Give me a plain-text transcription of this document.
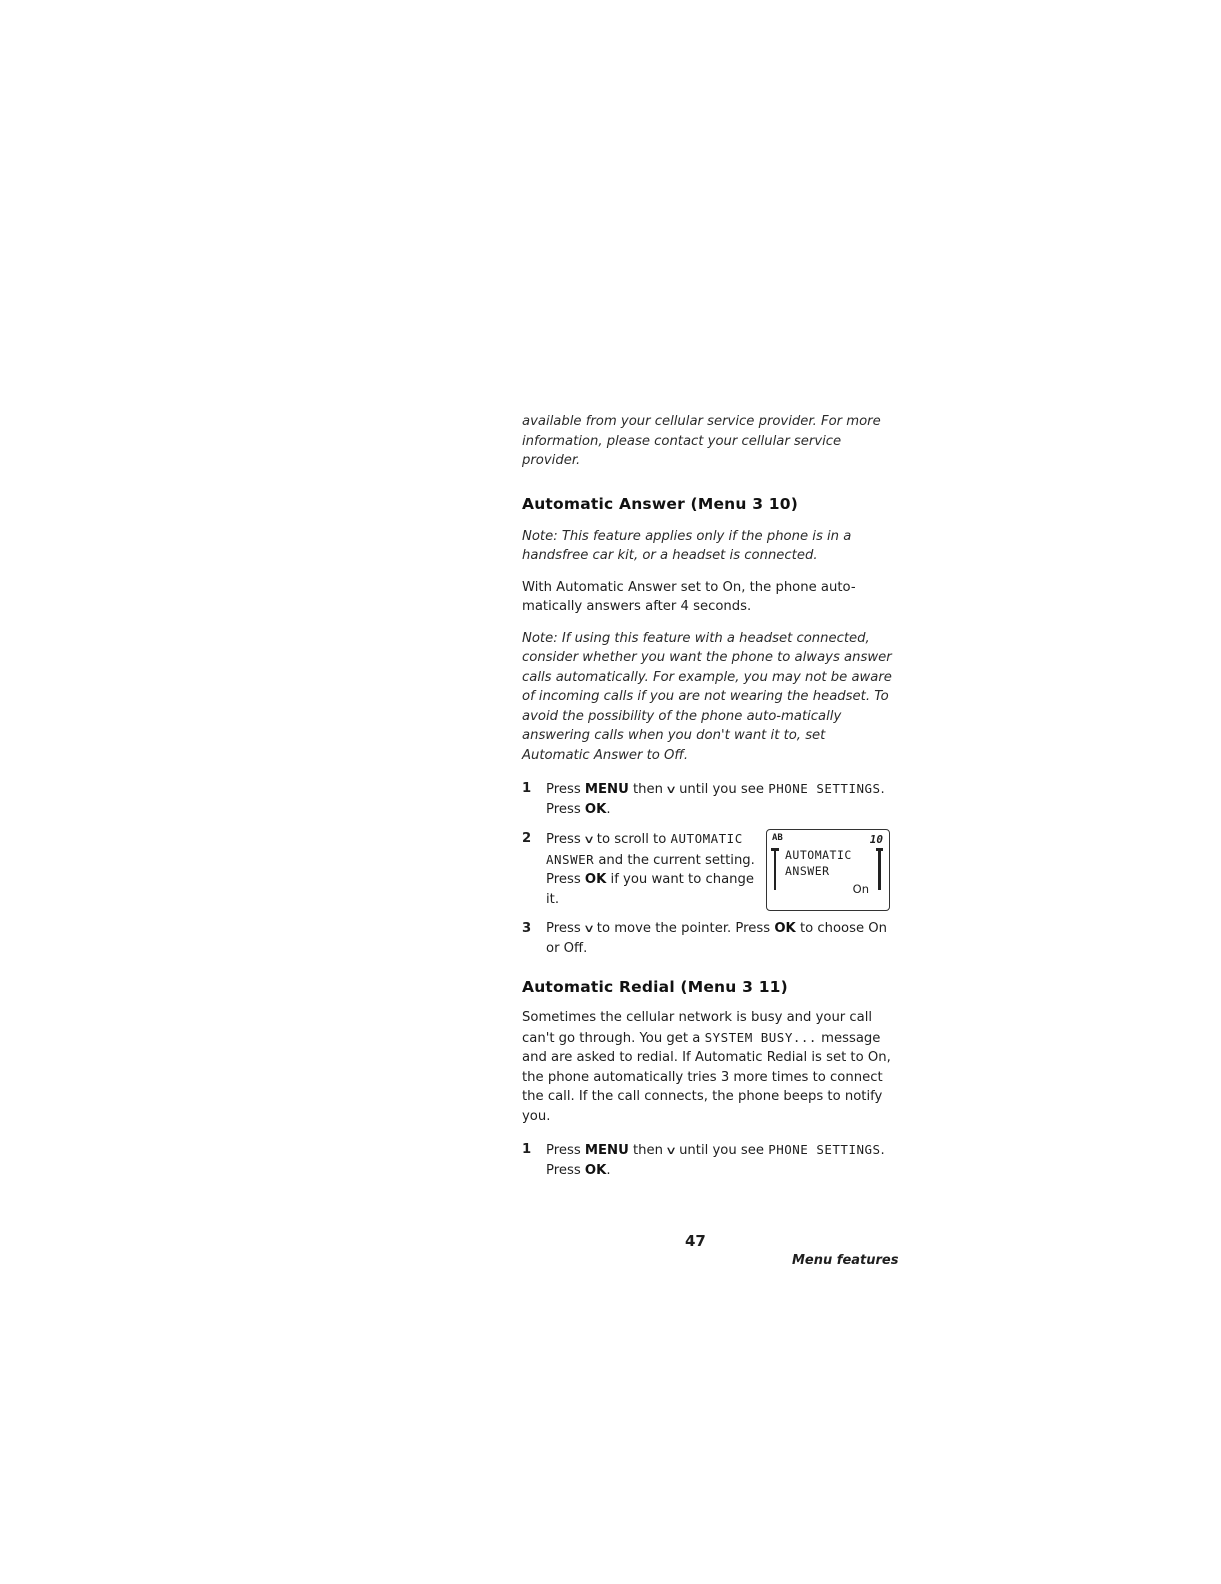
available from your cellular service provider. For more information, please contact your cellular service provider.

Automatic Answer (Menu 3 10)

Note: This feature applies only if the phone is in a handsfree car kit, or a headset is connected.

With Automatic Answer set to On, the phone auto-matically answers after 4 seconds.

Note: If using this feature with a headset connected, consider whether you want the phone to always answer calls automatically. For example, you may not be aware of incoming calls if you are not wearing the headset. To avoid the possibility of the phone auto-matically answering calls when you don't want it to, set Automatic Answer to Off.

1 Press MENU then ∨ until you see PHONE SETTINGS. Press OK.
2 Press ∨ to scroll to AUTOMATIC ANSWER and the current setting. Press OK if you want to change it.
AB	10
AUTOMATIC
ANSWER
On
3 Press ∨ to move the pointer. Press OK to choose On or Off.

Automatic Redial (Menu 3 11)

Sometimes the cellular network is busy and your call can't go through. You get a SYSTEM BUSY... message and are asked to redial. If Automatic Redial is set to On, the phone automatically tries 3 more times to connect the call. If the call connects, the phone beeps to notify you.

1 Press MENU then ∨ until you see PHONE SETTINGS. Press OK.
47
Menu features
